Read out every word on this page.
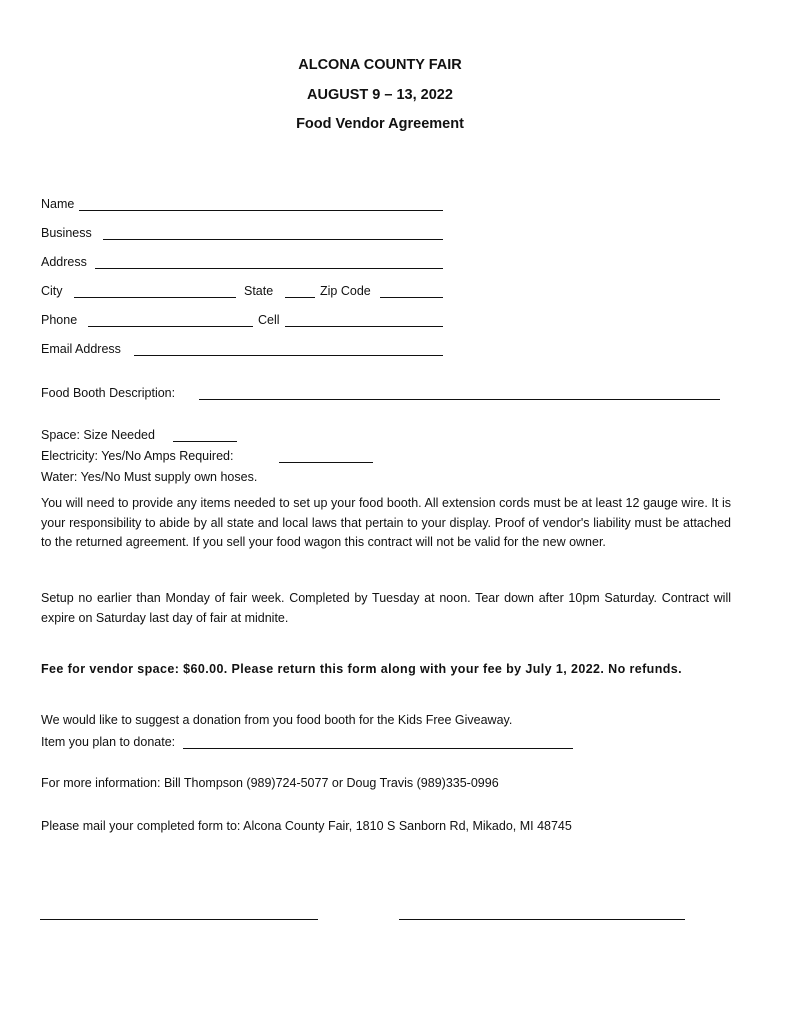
ALCONA COUNTY FAIR
AUGUST 9 – 13, 2022
Food Vendor Agreement
Name
Business
Address
City	State	Zip Code
Phone	Cell
Email Address
Food Booth Description:
Space: Size Needed
Electricity: Yes/No Amps Required:
Water: Yes/No Must supply own hoses.
You will need to provide any items needed to set up your food booth. All extension cords must be at least 12 gauge wire. It is your responsibility to abide by all state and local laws that pertain to your display. Proof of vendor's liability must be attached to the returned agreement. If you sell your food wagon this contract will not be valid for the new owner.
Setup no earlier than Monday of fair week. Completed by Tuesday at noon. Tear down after 10pm Saturday. Contract will expire on Saturday last day of fair at midnite.
Fee for vendor space: $60.00. Please return this form along with your fee by July 1, 2022. No refunds.
We would like to suggest a donation from you food booth for the Kids Free Giveaway.
Item you plan to donate:
For more information: Bill Thompson (989)724-5077 or Doug Travis (989)335-0996
Please mail your completed form to: Alcona County Fair, 1810 S Sanborn Rd, Mikado, MI 48745
